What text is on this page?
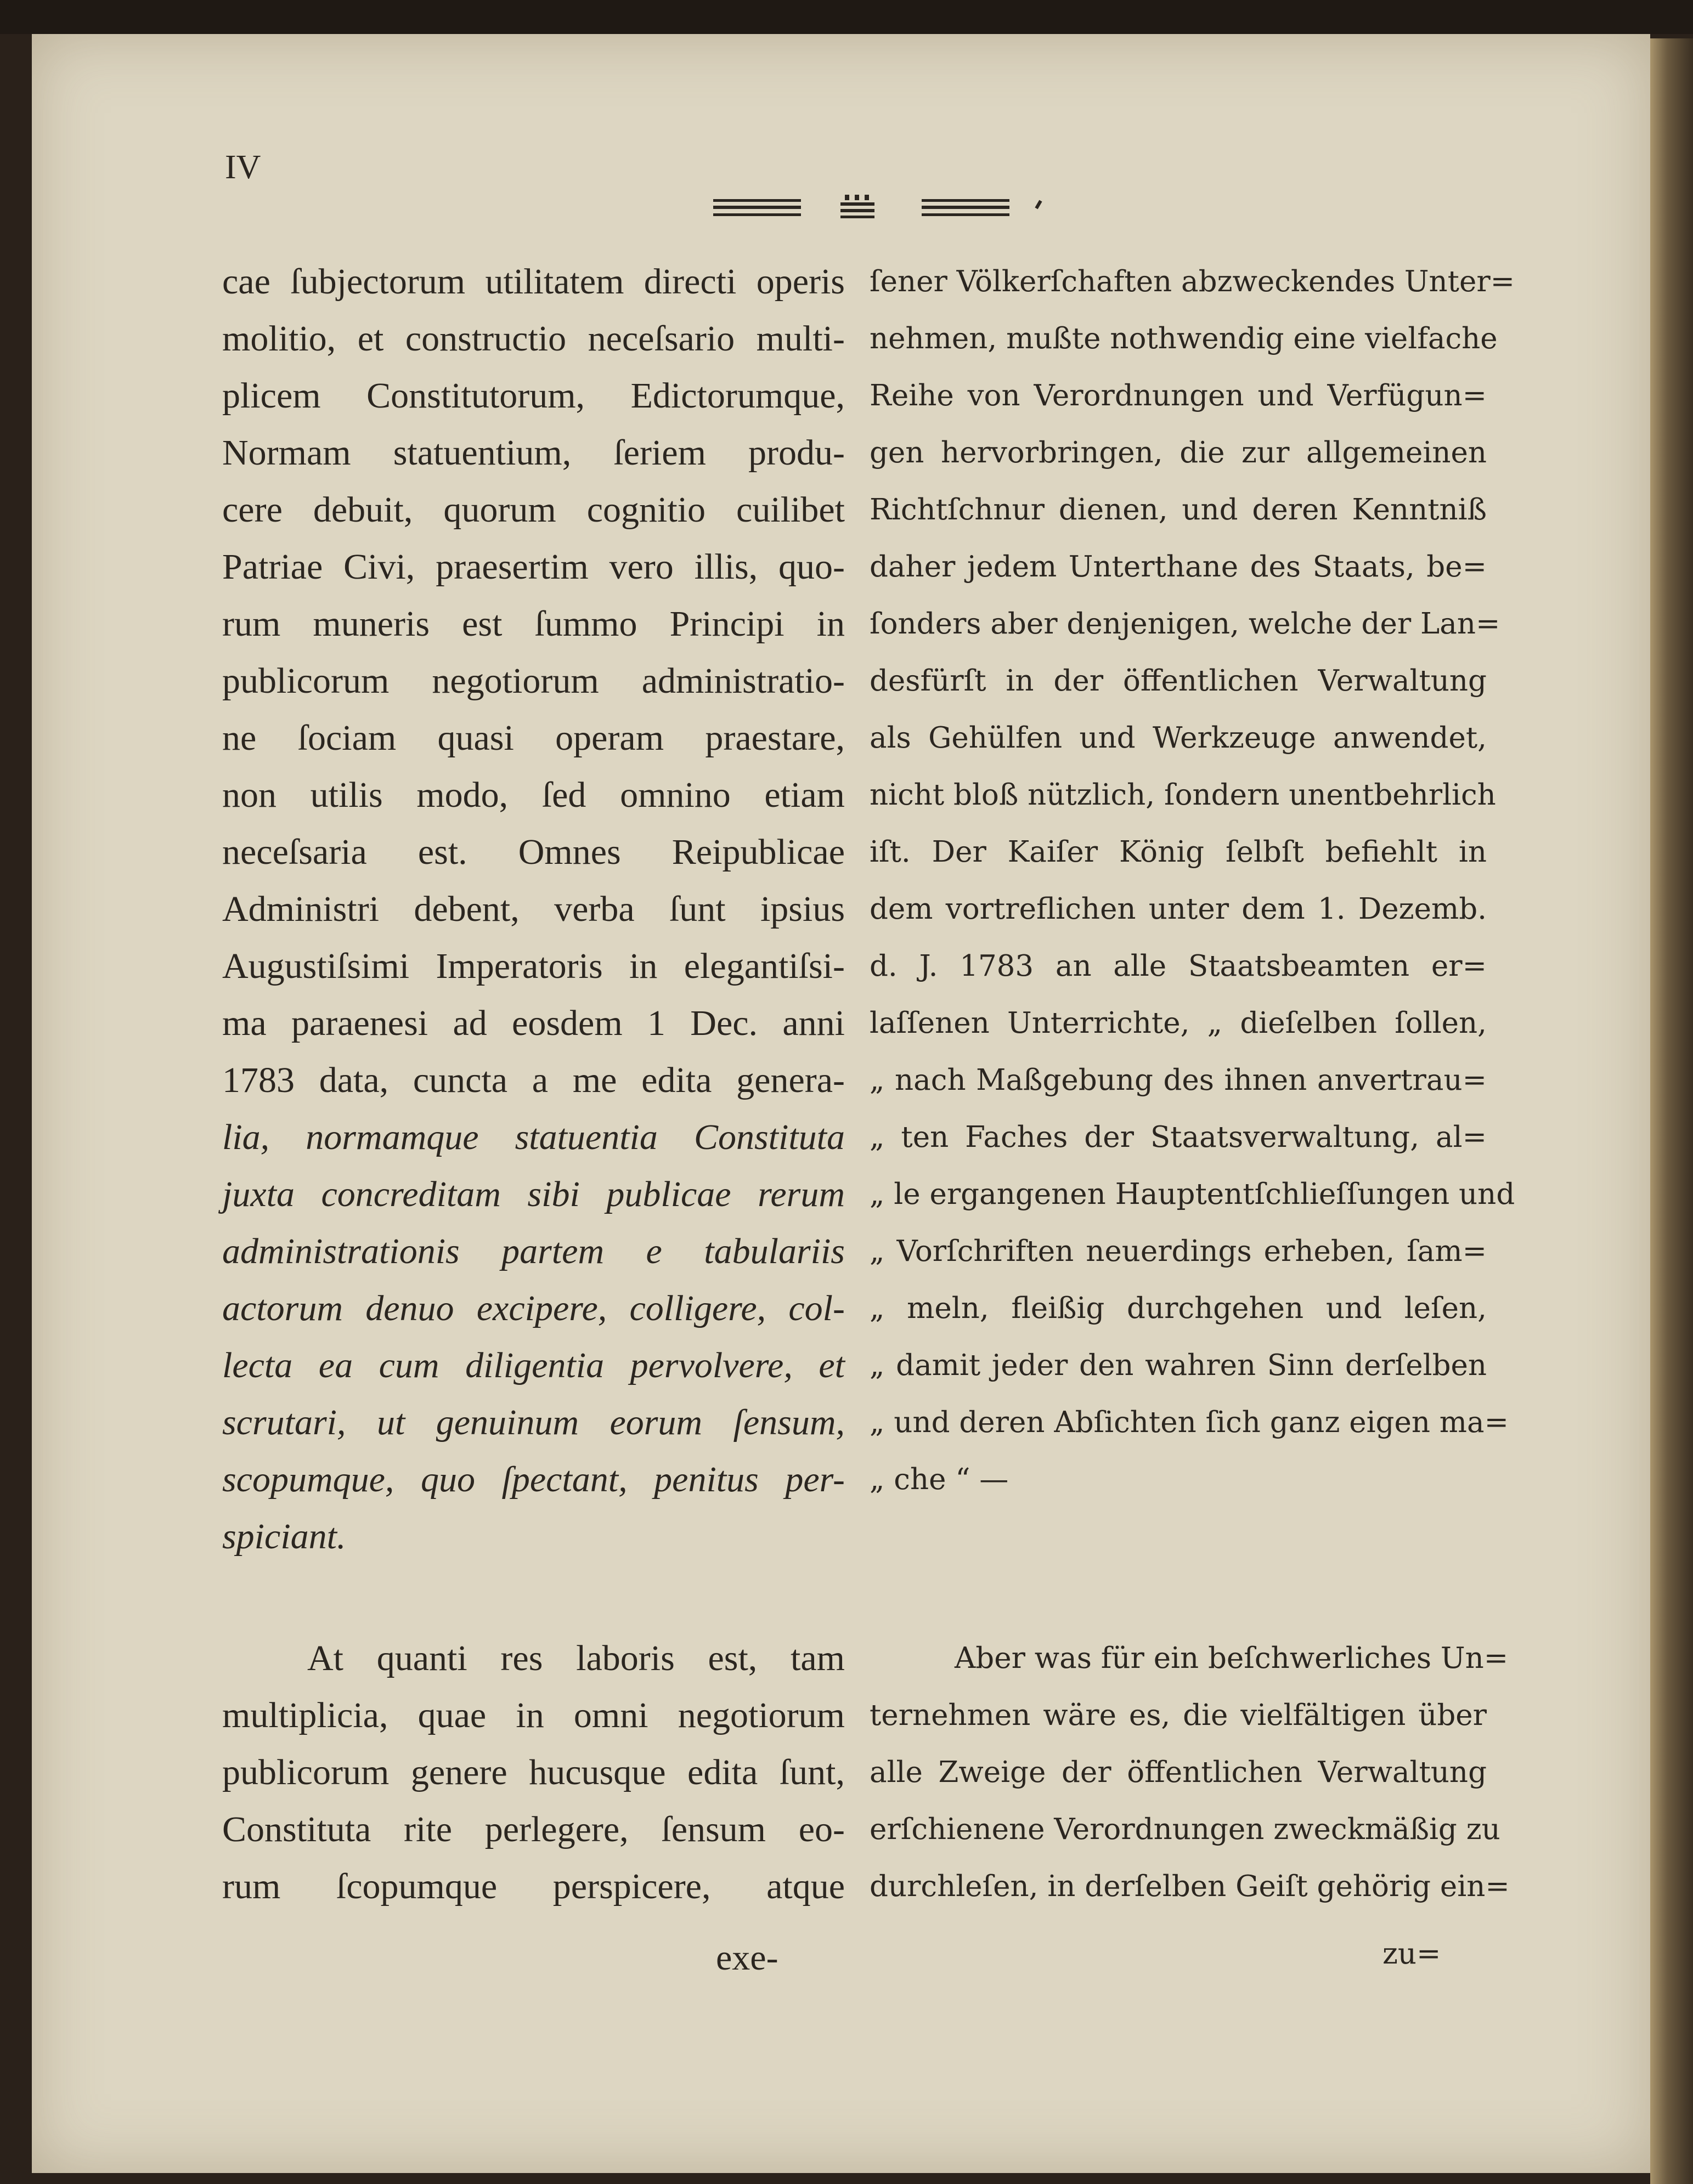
IV
cae ſubjectorum utilitatem directi operis
molitio, et constructio neceſsario multi-
plicem Constitutorum, Edictorumque,
Normam statuentium, ſeriem produ-
cere debuit, quorum cognitio cuilibet
Patriae Civi, praesertim vero illis, quo-
rum muneris est ſummo Principi in
publicorum negotiorum administratio-
ne ſociam quasi operam praestare,
non utilis modo, ſed omnino etiam
neceſsaria est. Omnes Reipublicae
Administri debent, verba ſunt ipsius
Augustiſsimi Imperatoris in elegantiſsi-
ma paraenesi ad eosdem 1 Dec. anni
1783 data, cuncta a me edita genera-
lia, normamque statuentia Constituta
juxta concreditam sibi publicae rerum
administrationis partem e tabulariis
actorum denuo excipere, colligere, col-
lecta ea cum diligentia pervolvere, et
scrutari, ut genuinum eorum ſensum,
scopumque, quo ſpectant, penitus per-
spiciant.
At quanti res laboris est, tam
multiplicia, quae in omni negotiorum
publicorum genere hucusque edita ſunt,
Constituta rite perlegere, ſensum eo-
rum ſcopumque perspicere, atque
ſener Völkerſchaften abzweckendes Unter=
nehmen, mußte nothwendig eine vielfache
Reihe von Verordnungen und Verfügun=
gen hervorbringen, die zur allgemeinen
Richtſchnur dienen, und deren Kenntniß
daher jedem Unterthane des Staats, be=
ſonders aber denjenigen, welche der Lan=
desfürſt in der öffentlichen Verwaltung
als Gehülfen und Werkzeuge anwendet,
nicht bloß nützlich, ſondern unentbehrlich
iſt. Der Kaiſer König ſelbſt befiehlt in
dem vortreflichen unter dem 1. Dezemb.
d. J. 1783 an alle Staatsbeamten er=
laſſenen Unterrichte, „ dieſelben ſollen,
„ nach Maßgebung des ihnen anvertrau=
„ ten Faches der Staatsverwaltung, al=
„ le ergangenen Hauptentſchlieſſungen und
„ Vorſchriften neuerdings erheben, ſam=
„ meln, fleißig durchgehen und leſen,
„ damit jeder den wahren Sinn derſelben
„ und deren Abſichten ſich ganz eigen ma=
„ che “ —
Aber was für ein beſchwerliches Un=
ternehmen wäre es, die vielfältigen über
alle Zweige der öffentlichen Verwaltung
erſchienene Verordnungen zweckmäßig zu
durchleſen, in derſelben Geiſt gehörig ein=
exe-	zu=
